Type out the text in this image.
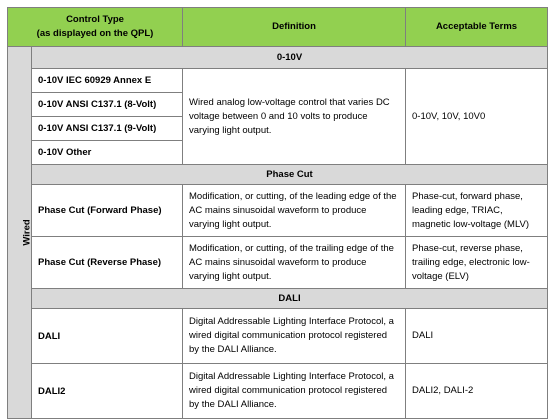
Control Type
(as displayed on the QPL)		Definition	Acceptable Terms
Wired	0-10V		
	0-10V IEC 60929 Annex E	Wired analog low-voltage control that varies DC voltage between 0 and 10 volts to produce varying light output.	0-10V, 10V, 10V0
	0-10V ANSI C137.1 (8-Volt)		
	0-10V ANSI C137.1 (9-Volt)		
	0-10V Other		
	Phase Cut		
	Phase Cut (Forward Phase)	Modification, or cutting, of the leading edge of the AC mains sinusoidal waveform to produce varying light output.	Phase-cut, forward phase, leading edge, TRIAC, magnetic low-voltage (MLV)
	Phase Cut (Reverse Phase)	Modification, or cutting, of the trailing edge of the AC mains sinusoidal waveform to produce varying light output.	Phase-cut, reverse phase, trailing edge, electronic low-voltage (ELV)
	DALI		
	DALI	Digital Addressable Lighting Interface Protocol, a wired digital communication protocol registered by the DALI Alliance.	DALI
	DALI2	Digital Addressable Lighting Interface Protocol, a wired digital communication protocol registered by the DALI Alliance.	DALI2, DALI-2
